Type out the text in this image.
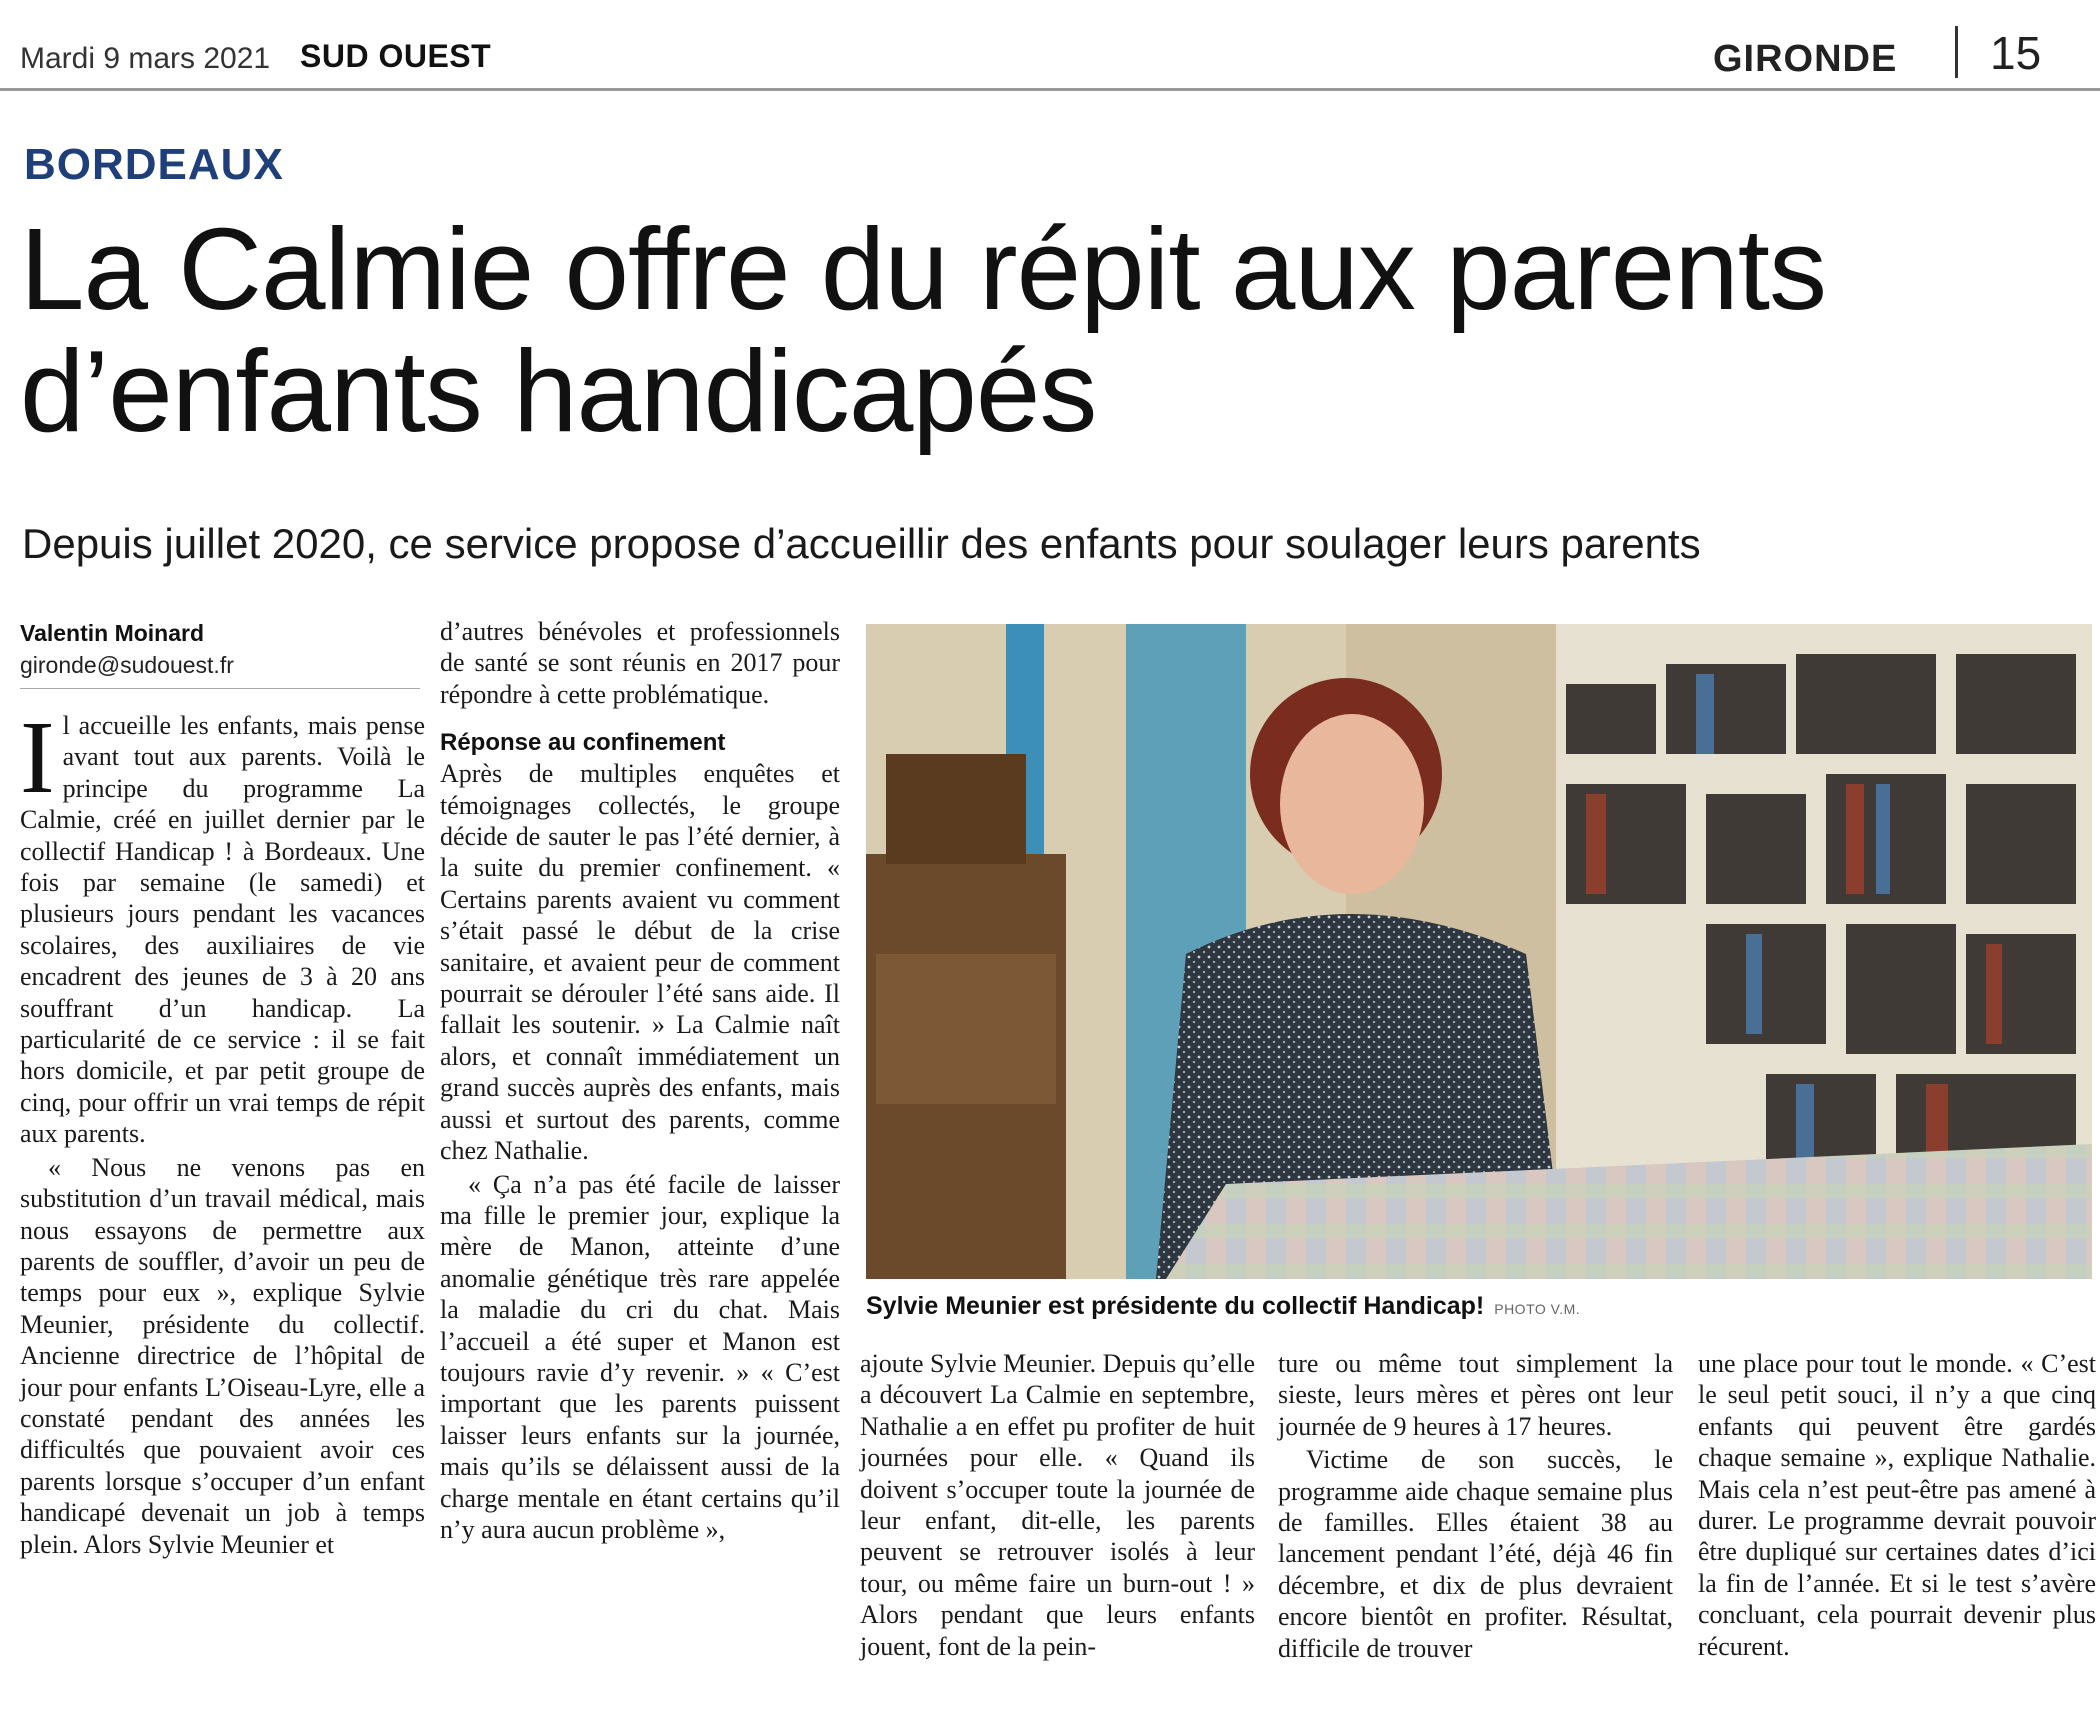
Mardi 9 mars 2021 SUD OUEST	GIRONDE 15
BORDEAUX
La Calmie offre du répit aux parents d’enfants handicapés
Depuis juillet 2020, ce service propose d’accueillir des enfants pour soulager leurs parents
Valentin Moinard
gironde@sudouest.fr

Il accueille les enfants, mais pense avant tout aux parents. Voilà le principe du programme La Calmie, créé en juillet dernier par le collectif Handicap ! à Bordeaux. Une fois par semaine (le samedi) et plusieurs jours pendant les vacances scolaires, des auxiliaires de vie encadrent des jeunes de 3 à 20 ans souffrant d’un handicap. La particularité de ce service : il se fait hors domicile, et par petit groupe de cinq, pour offrir un vrai temps de répit aux parents.

« Nous ne venons pas en substitution d’un travail médical, mais nous essayons de permettre aux parents de souffler, d’avoir un peu de temps pour eux », explique Sylvie Meunier, présidente du collectif. Ancienne directrice de l’hôpital de jour pour enfants L’Oiseau-Lyre, elle a constaté pendant des années les difficultés que pouvaient avoir ces parents lorsque s’occuper d’un enfant handicapé devenait un job à temps plein. Alors Sylvie Meunier et

d’autres bénévoles et professionnels de santé se sont réunis en 2017 pour répondre à cette problématique.

Réponse au confinement

Après de multiples enquêtes et témoignages collectés, le groupe décide de sauter le pas l’été dernier, à la suite du premier confinement. « Certains parents avaient vu comment s’était passé le début de la crise sanitaire, et avaient peur de comment pourrait se dérouler l’été sans aide. Il fallait les soutenir. » La Calmie naît alors, et connaît immédiatement un grand succès auprès des enfants, mais aussi et surtout des parents, comme chez Nathalie.

« Ça n’a pas été facile de laisser ma fille le premier jour, explique la mère de Manon, atteinte d’une anomalie génétique très rare appelée la maladie du cri du chat. Mais l’accueil a été super et Manon est toujours ravie d’y revenir. » « C’est important que les parents puissent laisser leurs enfants sur la journée, mais qu’ils se délaissent aussi de la charge mentale en étant certains qu’il n’y aura aucun problème »,

Sylvie Meunier est présidente du collectif Handicap! PHOTO V.M.

ajoute Sylvie Meunier. Depuis qu’elle a découvert La Calmie en septembre, Nathalie a en effet pu profiter de huit journées pour elle. « Quand ils doivent s’occuper toute la journée de leur enfant, dit-elle, les parents peuvent se retrouver isolés à leur tour, ou même faire un burn-out ! » Alors pendant que leurs enfants jouent, font de la pein-

ture ou même tout simplement la sieste, leurs mères et pères ont leur journée de 9 heures à 17 heures.

Victime de son succès, le programme aide chaque semaine plus de familles. Elles étaient 38 au lancement pendant l’été, déjà 46 fin décembre, et dix de plus devraient encore bientôt en profiter. Résultat, difficile de trouver

une place pour tout le monde. « C’est le seul petit souci, il n’y a que cinq enfants qui peuvent être gardés chaque semaine », explique Nathalie. Mais cela n’est peut-être pas amené à durer. Le programme devrait pouvoir être dupliqué sur certaines dates d’ici la fin de l’année. Et si le test s’avère concluant, cela pourrait devenir plus récurent.
